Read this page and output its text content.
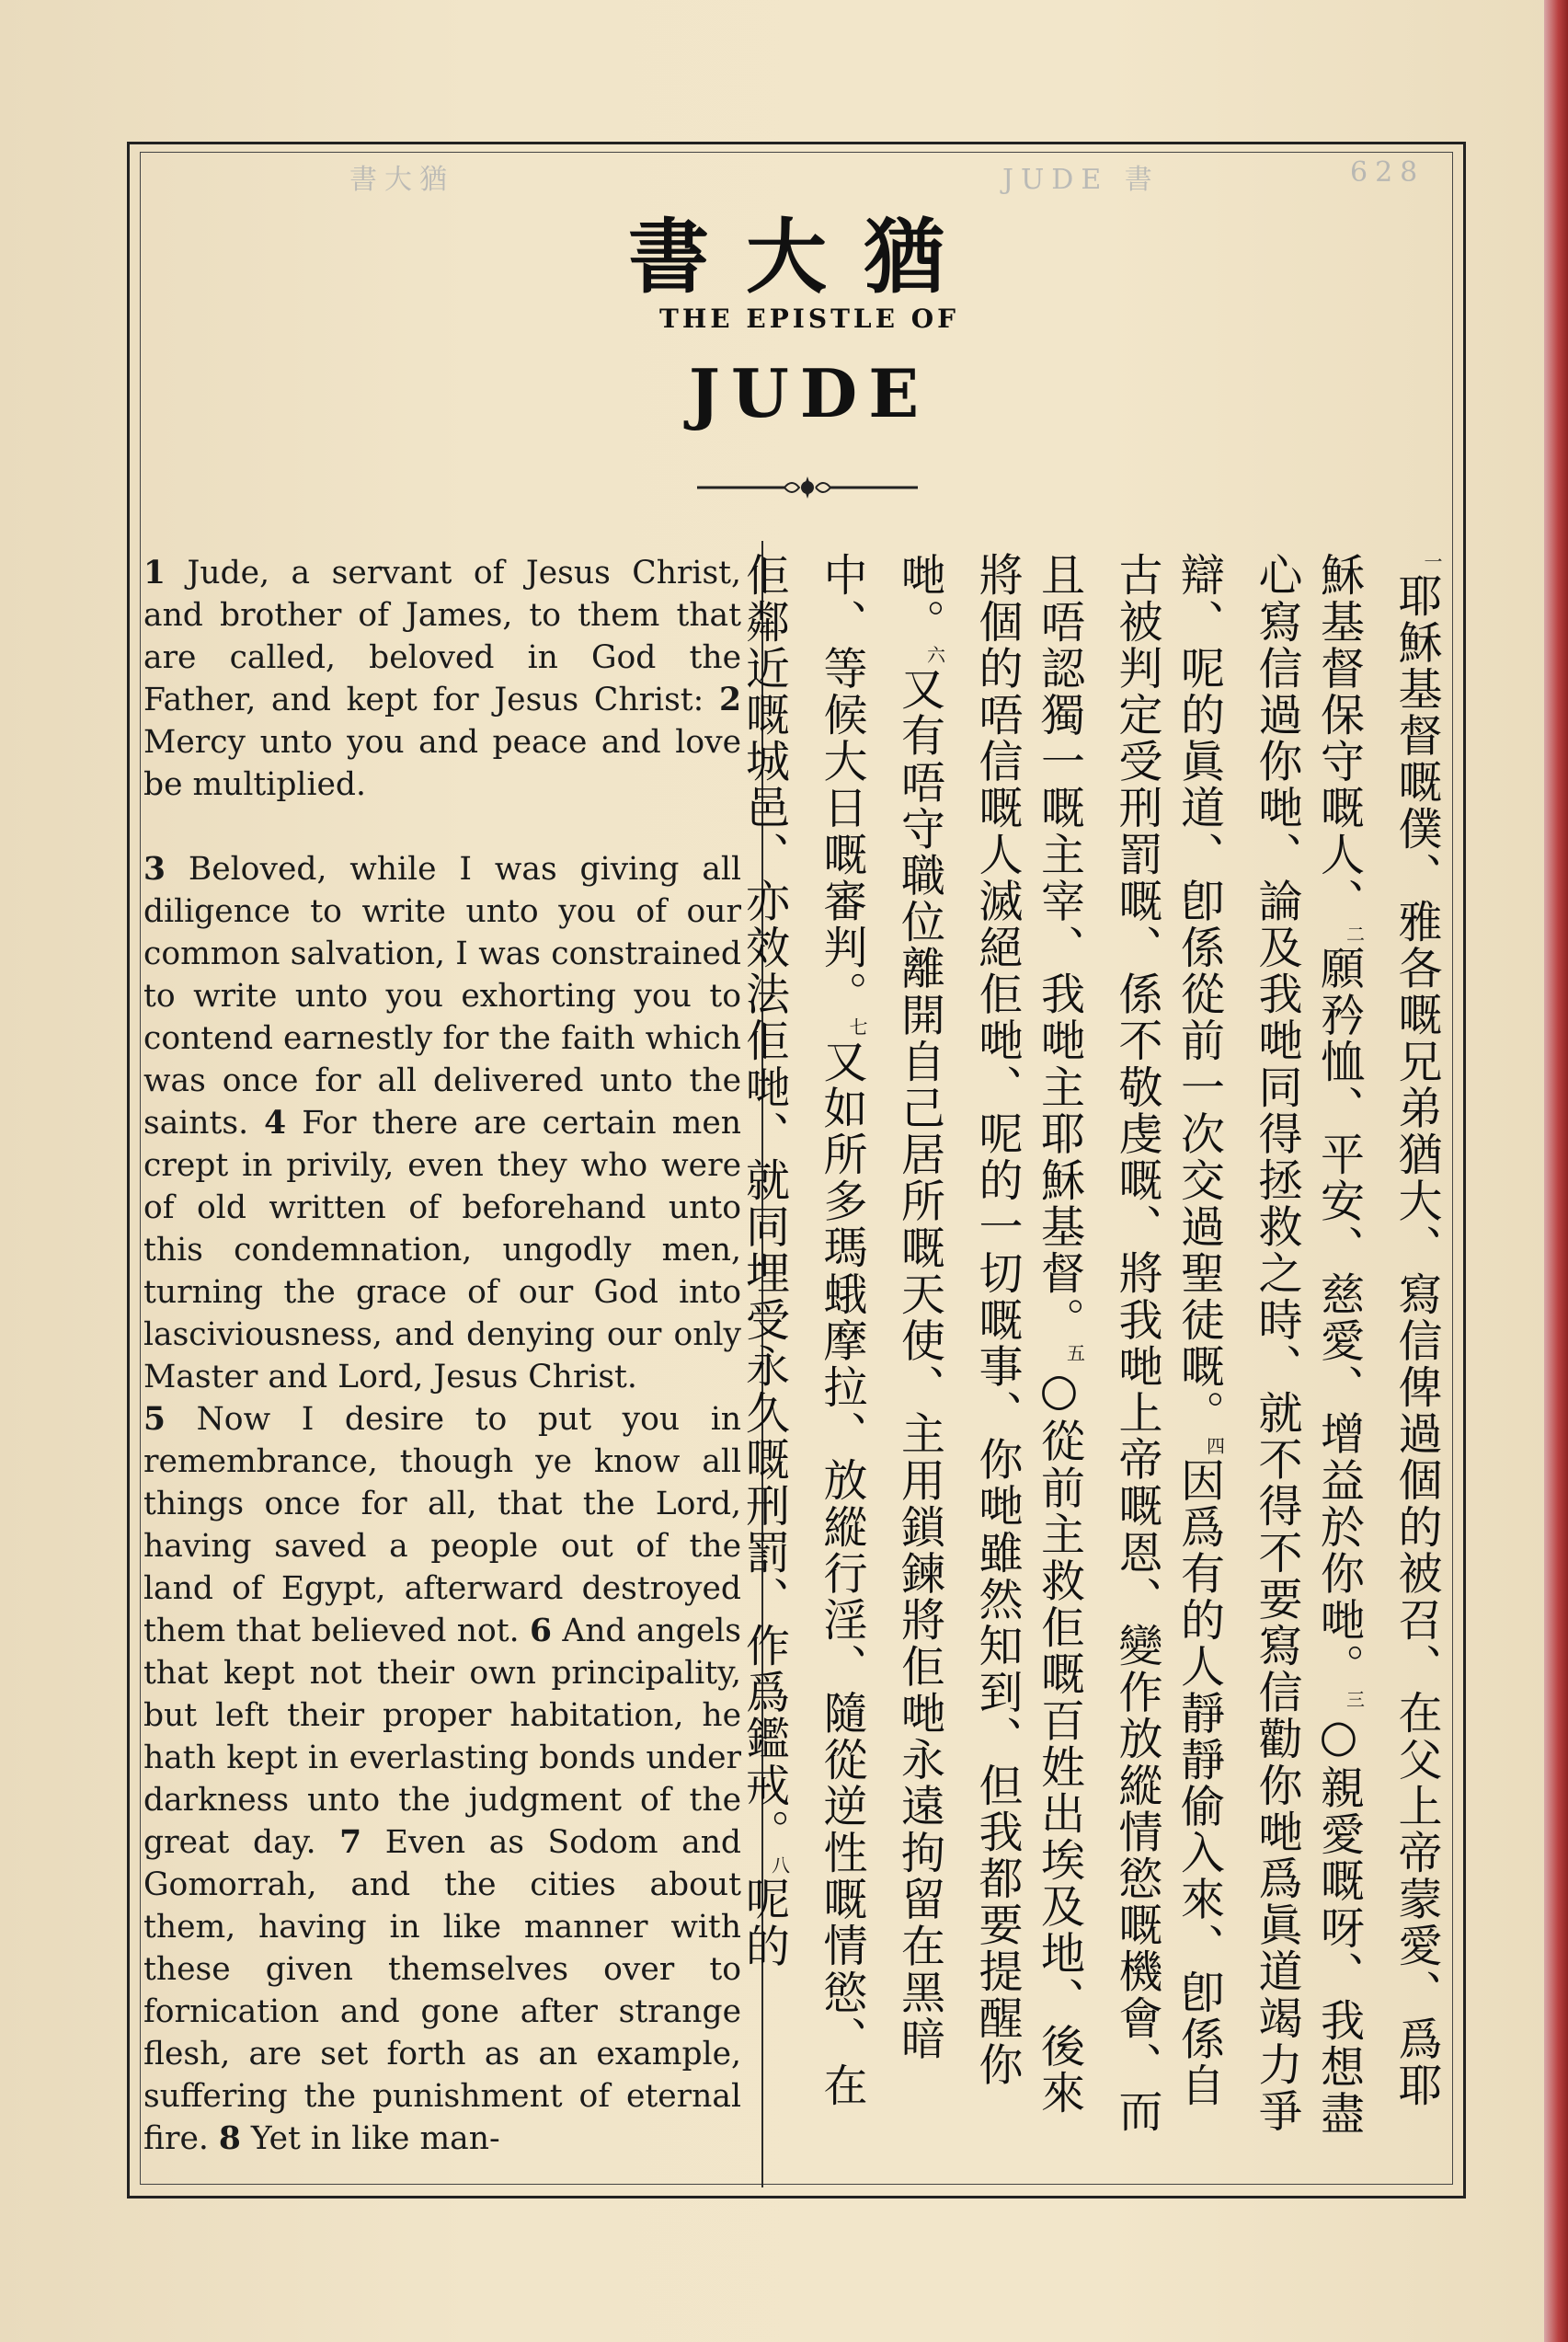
書大猶	JUDE 書	628
書大猶
THE EPISTLE OF
JUDE

1 Jude, a servant of Jesus Christ, and brother of James, to them that are called, beloved in God the Father, and kept for Jesus Christ: 2 Mercy unto you and peace and love be multiplied.

3 Beloved, while I was giving all diligence to write unto you of our common salvation, I was constrained to write unto you exhorting you to contend earnestly for the faith which was once for all delivered unto the saints. 4 For there are certain men crept in privily, even they who were of old written of beforehand unto this condemnation, ungodly men, turning the grace of our God into lasciviousness, and denying our only Master and Lord, Jesus Christ.

5 Now I desire to put you in remembrance, though ye know all things once for all, that the Lord, having saved a people out of the land of Egypt, afterward destroyed them that believed not. 6 And angels that kept not their own principality, but left their proper habitation, he hath kept in everlasting bonds under darkness unto the judgment of the great day. 7 Even as Sodom and Gomorrah, and the cities about them, having in like manner with these given themselves over to fornication and gone after strange flesh, are set forth as an example, suffering the punishment of eternal fire. 8 Yet in like man-

$^一$耶穌基督嘅僕、雅各嘅兄弟猶大、寫信俾過個的被召、在父上帝蒙愛、爲耶穌基督保守嘅人、$^二$願矜恤、平安、慈愛、增益於你哋。$^三$○親愛嘅呀、我想盡心寫信過你哋、論及我哋同得拯救之時、就不得不要寫信勸你哋爲眞道竭力爭辯、呢的眞道、卽係從前一次交過聖徒嘅。$^四$因爲有的人靜靜偷入來、卽係自古被判定受刑罰嘅、係不敬虔嘅、將我哋上帝嘅恩、變作放縱情慾嘅機會、而且唔認獨一嘅主宰、我哋主耶穌基督。$^五$○從前主救佢嘅百姓出埃及地、後來將個的唔信嘅人滅絕佢哋、呢的一切嘅事、你哋雖然知到、但我都要提醒你哋。$^六$又有唔守職位離開自己居所嘅天使、主用鎖鍊將佢哋永遠拘留在黑暗中、等候大日嘅審判。$^七$又如所多瑪蛾摩拉、放縱行淫、隨從逆性嘅情慾、在佢鄰近嘅城邑、亦效法佢哋、就同埋受永久嘅刑罰、作爲鑑戒。$^八$呢的
